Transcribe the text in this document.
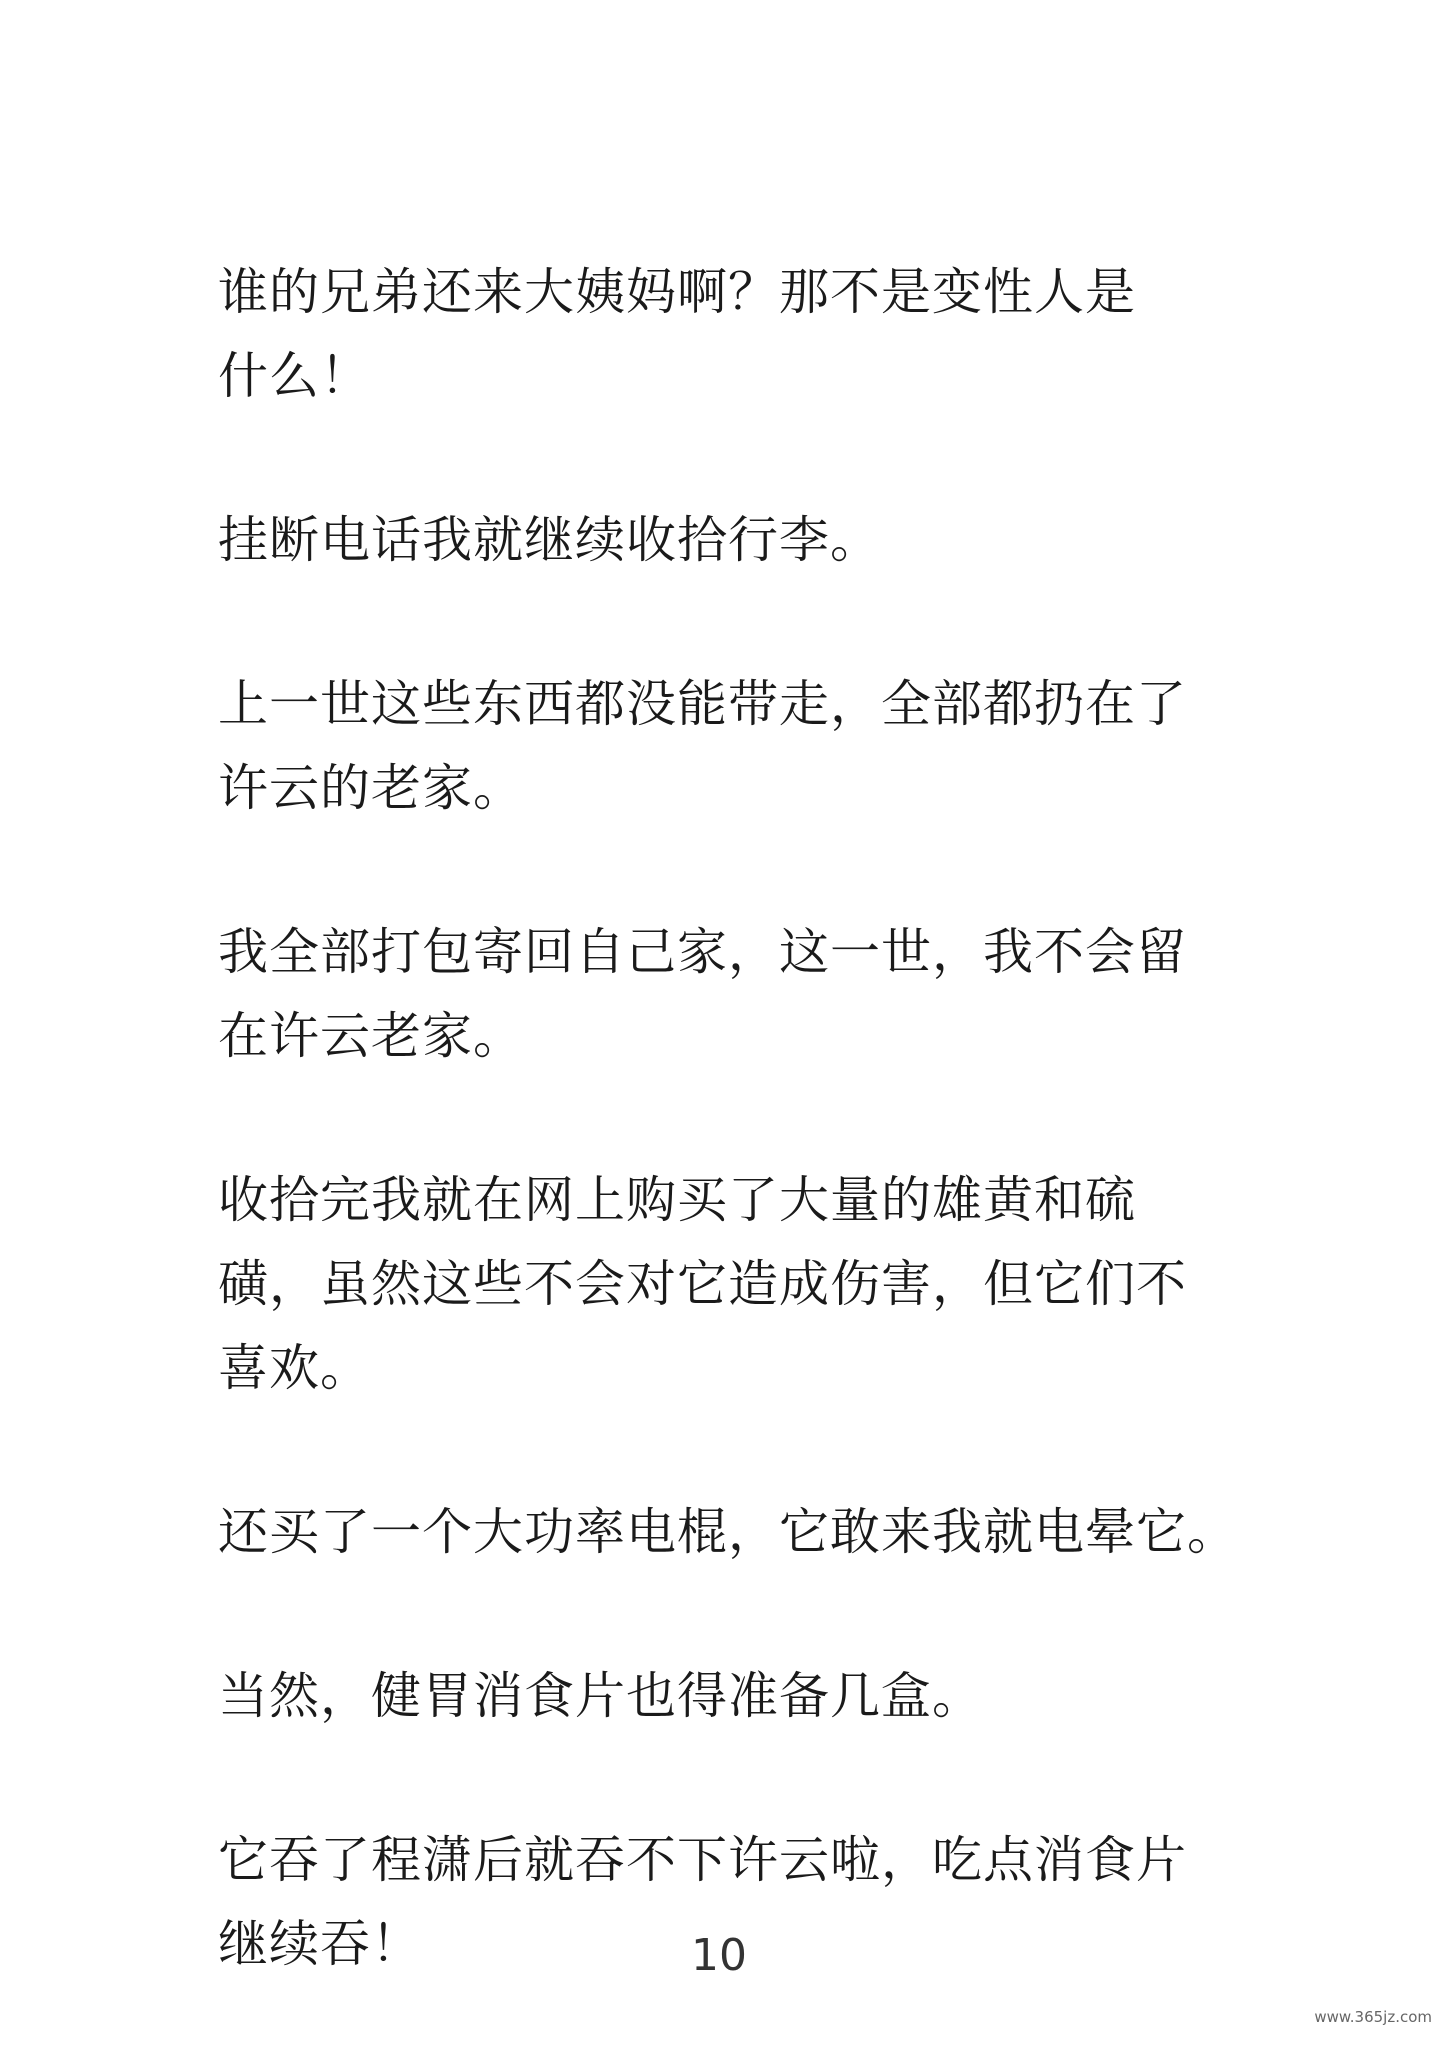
谁的兄弟还来大姨妈啊？那不是变性人是
什么！

挂断电话我就继续收拾行李。

上一世这些东西都没能带走，全部都扔在了
许云的老家。

我全部打包寄回自己家，这一世，我不会留
在许云老家。

收拾完我就在网上购买了大量的雄黄和硫
磺，虽然这些不会对它造成伤害，但它们不
喜欢。

还买了一个大功率电棍，它敢来我就电晕它。

当然，健胃消食片也得准备几盒。

它吞了程潇后就吞不下许云啦，吃点消食片
继续吞！	10
www.365jz.com
